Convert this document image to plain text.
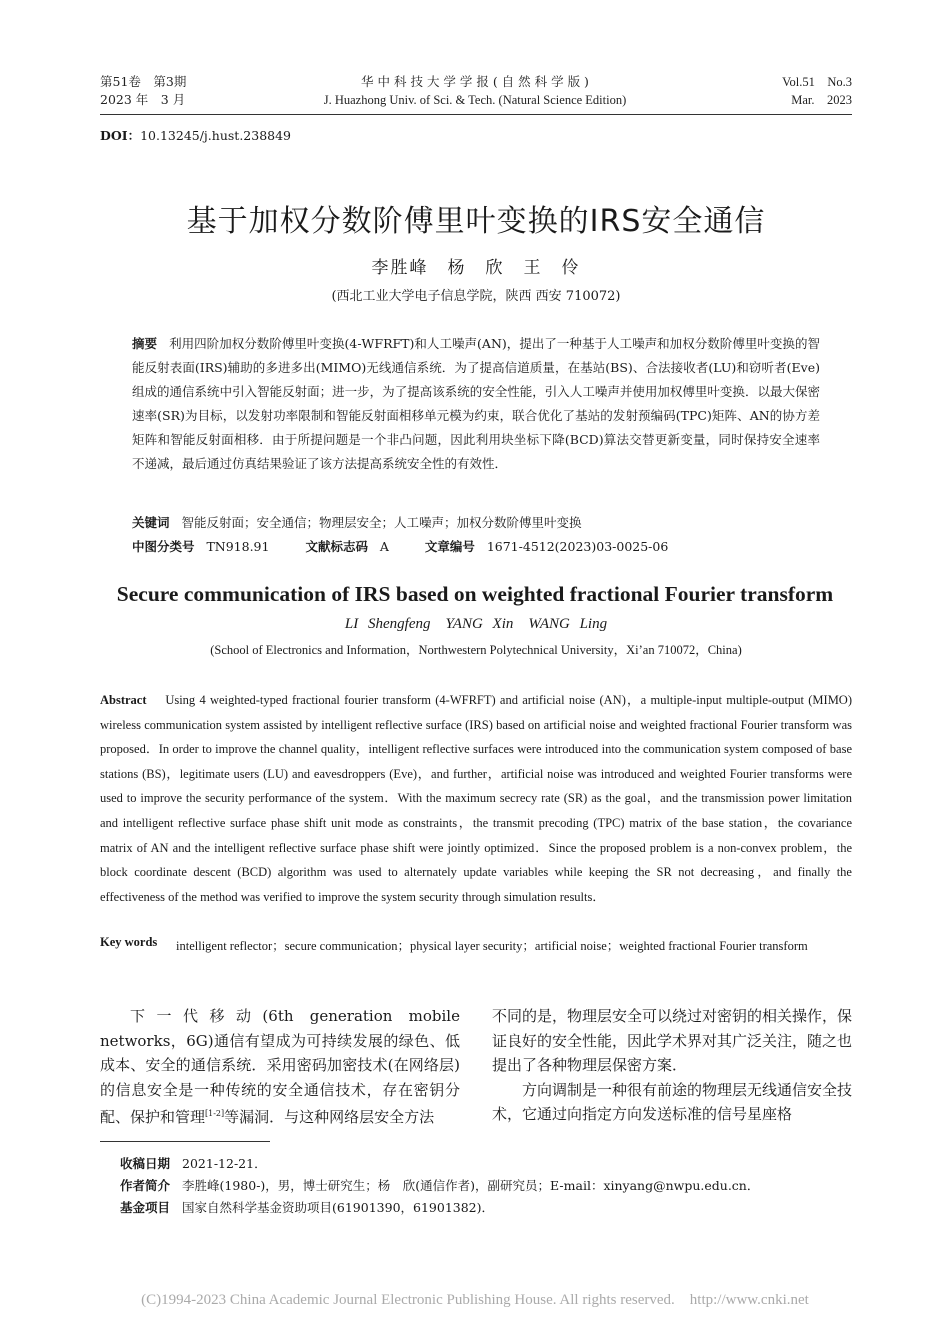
第51卷　第3期
2023 年　3 月
华 中 科 技 大 学 学 报 ( 自 然 科 学 版 )
J. Huazhong Univ. of Sci. & Tech. (Natural Science Edition)
Vol.51　No.3
Mar.　2023
DOI：10.13245/j.hust.238849
基于加权分数阶傅里叶变换的IRS安全通信
李胜峰　杨　欣　王　伶
(西北工业大学电子信息学院，陕西 西安 710072)
摘要 利用四阶加权分数阶傅里叶变换(4-WFRFT)和人工噪声(AN)，提出了一种基于人工噪声和加权分数阶傅里叶变换的智能反射表面(IRS)辅助的多进多出(MIMO)无线通信系统．为了提高信道质量，在基站(BS)、合法接收者(LU)和窃听者(Eve)组成的通信系统中引入智能反射面；进一步，为了提高该系统的安全性能，引入人工噪声并使用加权傅里叶变换．以最大保密速率(SR)为目标，以发射功率限制和智能反射面相移单元模为约束，联合优化了基站的发射预编码(TPC)矩阵、AN的协方差矩阵和智能反射面相移．由于所提问题是一个非凸问题，因此利用块坐标下降(BCD)算法交替更新变量，同时保持安全速率不递减，最后通过仿真结果验证了该方法提高系统安全性的有效性．
关键词 智能反射面；安全通信；物理层安全；人工噪声；加权分数阶傅里叶变换
中图分类号 TN918.91	文献标志码 A	文章编号 1671-4512(2023)03-0025-06
Secure communication of IRS based on weighted fractional Fourier transform
LI Shengfeng　YANG Xin　WANG Ling
(School of Electronics and Information，Northwestern Polytechnical University，Xi’an 710072，China)
Abstract Using 4 weighted-typed fractional fourier transform (4-WFRFT) and artificial noise (AN)，a multiple-input multiple-output (MIMO) wireless communication system assisted by intelligent reflective surface (IRS) based on artificial noise and weighted fractional Fourier transform was proposed．In order to improve the channel quality，intelligent reflective surfaces were introduced into the communication system composed of base stations (BS)，legitimate users (LU) and eavesdroppers (Eve)，and further，artificial noise was introduced and weighted Fourier transforms were used to improve the security performance of the system．With the maximum secrecy rate (SR) as the goal，and the transmission power limitation and intelligent reflective surface phase shift unit mode as constraints，the transmit precoding (TPC) matrix of the base station，the covariance matrix of AN and the intelligent reflective surface phase shift were jointly optimized．Since the proposed problem is a non-convex problem，the block coordinate descent (BCD) algorithm was used to alternately update variables while keeping the SR not decreasing，and finally the effectiveness of the method was verified to improve the system security through simulation results．
Key words intelligent reflector；secure communication；physical layer security；artificial noise；weighted fractional Fourier transform
下一代移动(6th generation mobile networks，6G)通信有望成为可持续发展的绿色、低成本、安全的通信系统．采用密码加密技术(在网络层)的信息安全是一种传统的安全通信技术，存在密钥分配、保护和管理[1-2]等漏洞．与这种网络层安全方法

不同的是，物理层安全可以绕过对密钥的相关操作，保证良好的安全性能，因此学术界对其广泛关注，随之也提出了各种物理层保密方案．

方向调制是一种很有前途的物理层无线通信安全技术，它通过向指定方向发送标准的信号星座格

收稿日期 2021-12-21．
作者简介 李胜峰(1980-)，男，博士研究生；杨　欣(通信作者)，副研究员；E-mail：xinyang@nwpu.edu.cn．
基金项目 国家自然科学基金资助项目(61901390，61901382)．
(C)1994-2023 China Academic Journal Electronic Publishing House. All rights reserved.　http://www.cnki.net
